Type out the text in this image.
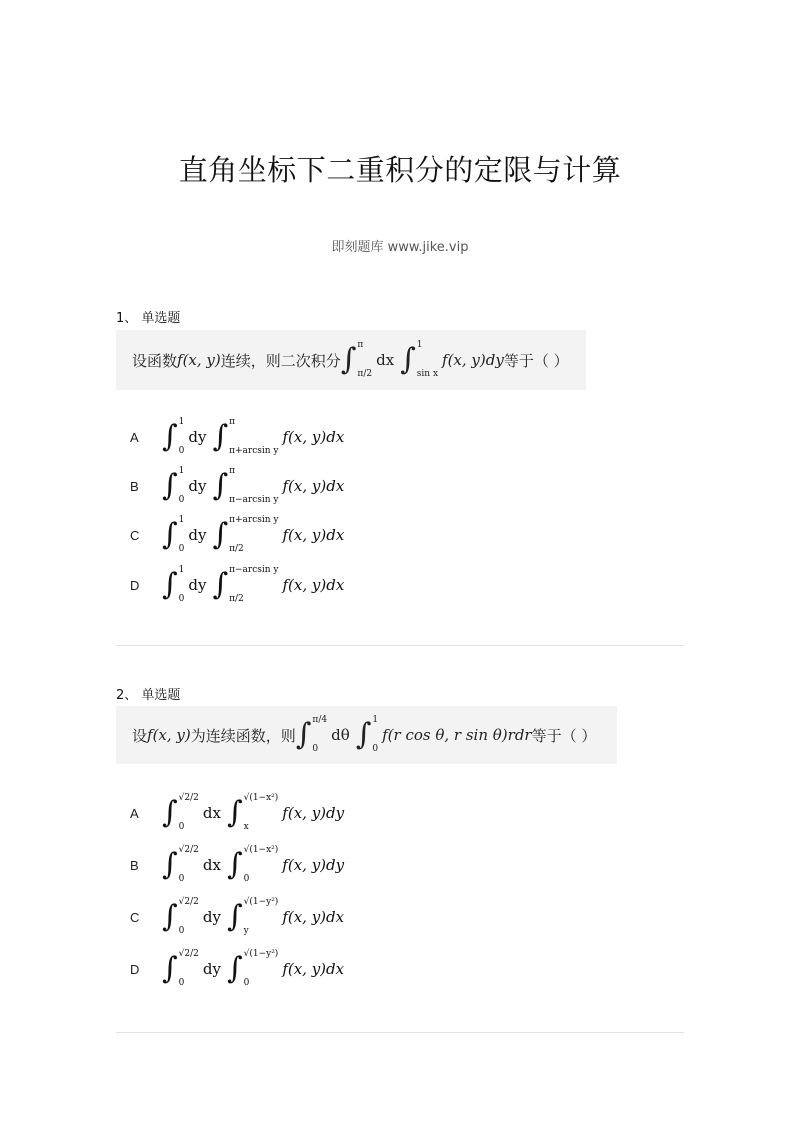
直角坐标下二重积分的定限与计算
即刻题库 www.jike.vip
1、 单选题
设函数 f(x, y) 连续，则二次积分 ∫ π
π/2
dx ∫ 1
sin x
f(x, y)dy 等于（ ）
A ∫ 1
0
dy ∫ π
π+arcsin y
f(x, y)dx
B ∫ 1
0
dy ∫ π
π−arcsin y
f(x, y)dx
C ∫ 1
0
dy ∫ π+arcsin y
π/2
f(x, y)dx
D ∫ 1
0
dy ∫ π−arcsin y
π/2
f(x, y)dx
2、 单选题
设 f(x, y) 为连续函数，则 ∫ π/4
0
dθ ∫ 1
0
f(r cos θ, r sin θ)rdr 等于（ ）
A ∫ √2/2
0
dx ∫ √(1−x²)
x
f(x, y)dy
B ∫ √2/2
0
dx ∫ √(1−x²)
0
f(x, y)dy
C ∫ √2/2
0
dy ∫ √(1−y²)
y
f(x, y)dx
D ∫ √2/2
0
dy ∫ √(1−y²)
0
f(x, y)dx
